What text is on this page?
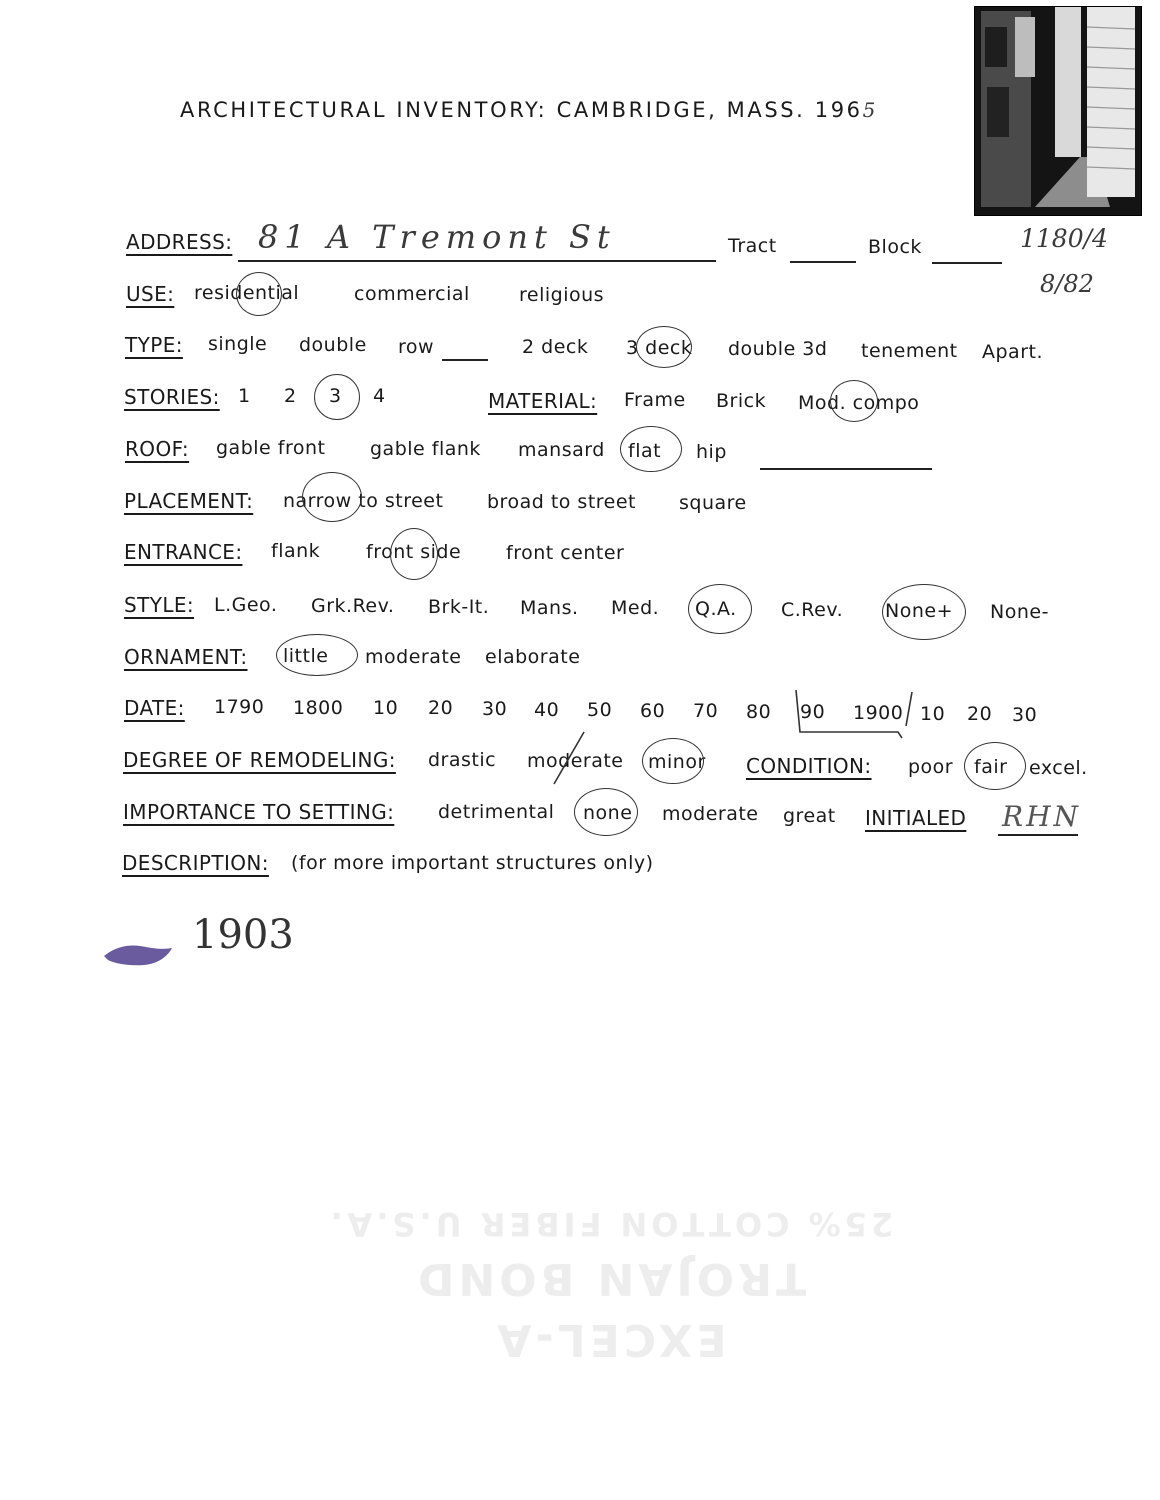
ARCHITECTURAL INVENTORY: CAMBRIDGE, MASS. 1965
ADDRESS: 81 A Tremont St	Tract	Block	1180/4
8/82
USE: residential	commercial	religious
TYPE: single double row	2 deck 3 deck double 3d tenement Apart.
STORIES: 1 2 3 4	MATERIAL: Frame Brick Mod. compo
ROOF: gable front gable flank mansard flat hip
PLACEMENT: narrow to street broad to street square
ENTRANCE: flank front side front center
STYLE: L.Geo. Grk.Rev. Brk-It. Mans. Med. Q.A. C.Rev. None+ None-
ORNAMENT: little moderate elaborate
DATE: 1790 1800 10 20 30 40 50 60 70 80 90 1900 10 20 30
DEGREE OF REMODELING: drastic moderate minor CONDITION: poor fair excel.
IMPORTANCE TO SETTING: detrimental none moderate great INITIALED RHN
DESCRIPTION: (for more important structures only)
1903
EXCEL-A
TROJAN BOND
25% COTTON FIBER U.S.A.
